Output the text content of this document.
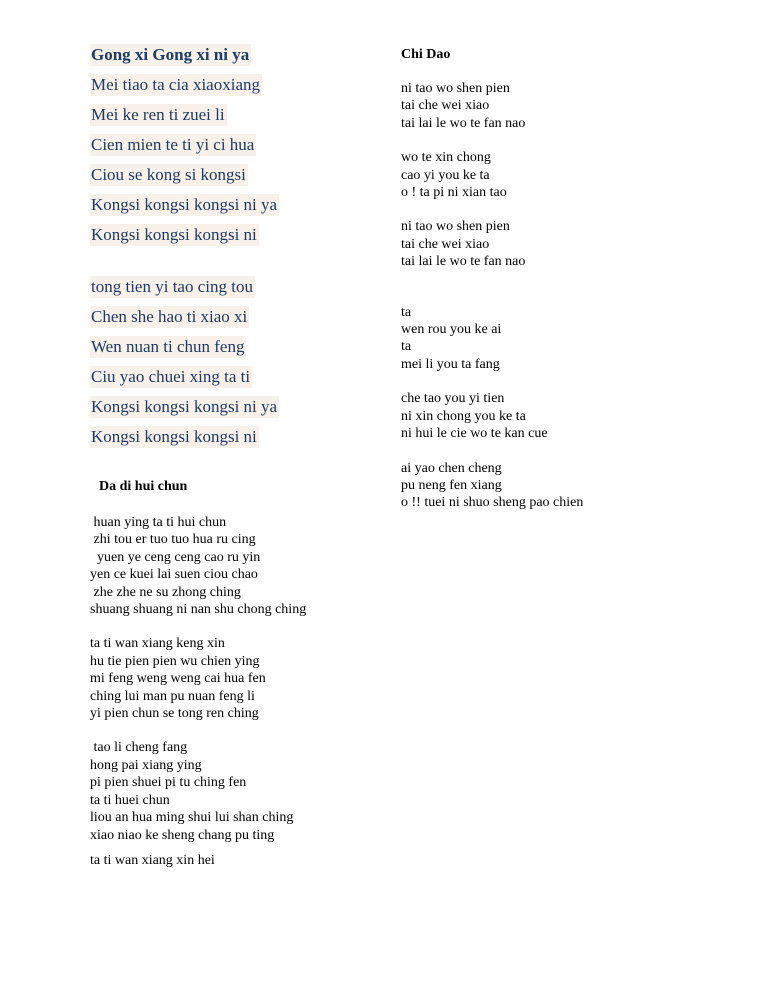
Gong xi Gong xi ni ya
Mei tiao ta cia xiaoxiang
Mei ke ren ti zuei li
Cien mien te ti yi ci hua
Ciou se kong si kongsi
Kongsi kongsi kongsi ni ya
Kongsi kongsi kongsi ni
tong tien yi tao cing tou
Chen she hao ti xiao xi
Wen nuan ti chun feng
Ciu yao chuei xing ta ti
Kongsi kongsi kongsi ni ya
Kongsi kongsi kongsi ni
Da di hui chun
huan ying ta ti hui chun
zhi tou er tuo tuo hua ru cing
yuen ye ceng ceng cao ru yin
yen ce kuei lai suen ciou chao
zhe zhe ne su zhong ching
shuang shuang ni nan shu chong ching
ta ti wan xiang keng xin
hu tie pien pien wu chien ying
mi feng weng weng cai hua fen
ching lui man pu nuan feng li
yi pien chun se tong ren ching
tao li cheng fang
hong pai xiang ying
pi pien shuei pi tu ching fen
ta ti huei chun
liou an hua ming shui lui shan ching
xiao niao ke sheng chang pu ting
ta ti wan xiang xin hei
Chi Dao
ni tao wo shen pien
tai che wei xiao
tai lai le wo te fan nao
wo te xin chong
cao yi you ke ta
o ! ta pi ni xian tao
ni tao wo shen pien
tai che wei xiao
tai lai le wo te fan nao
ta
wen rou you ke ai
ta
mei li you ta fang
che tao you yi tien
ni xin chong you ke ta
ni hui le cie wo te kan cue
ai yao chen cheng
pu neng fen xiang
o !! tuei ni shuo sheng pao chien
